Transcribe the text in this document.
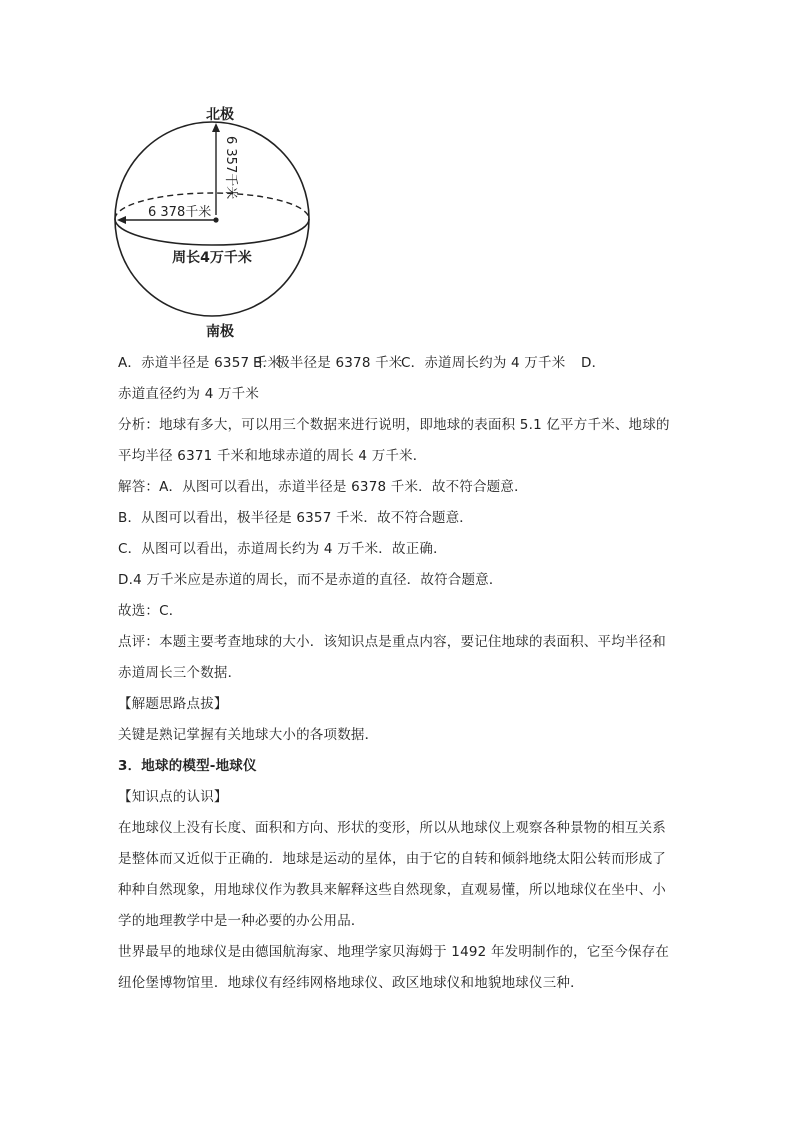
北极
6 357千米
6 378千米
周长4万千米
南极
A．赤道半径是 6357 千米B．极半径是 6378 千米C．赤道周长约为 4 万千米 D．
赤道直径约为 4 万千米
分析：地球有多大，可以用三个数据来进行说明，即地球的表面积 5.1 亿平方千米、地球的
平均半径 6371 千米和地球赤道的周长 4 万千米．
解答：A．从图可以看出，赤道半径是 6378 千米．故不符合题意．
B．从图可以看出，极半径是 6357 千米．故不符合题意．
C．从图可以看出，赤道周长约为 4 万千米．故正确．
D.4 万千米应是赤道的周长，而不是赤道的直径．故符合题意．
故选：C．
点评：本题主要考查地球的大小．该知识点是重点内容，要记住地球的表面积、平均半径和
赤道周长三个数据．
【解题思路点拔】
关键是熟记掌握有关地球大小的各项数据．
3．地球的模型-地球仪
【知识点的认识】
在地球仪上没有长度、面积和方向、形状的变形，所以从地球仪上观察各种景物的相互关系
是整体而又近似于正确的．地球是运动的星体，由于它的自转和倾斜地绕太阳公转而形成了
种种自然现象，用地球仪作为教具来解释这些自然现象，直观易懂，所以地球仪在坐中、小
学的地理教学中是一种必要的办公用品．
世界最早的地球仪是由德国航海家、地理学家贝海姆于 1492 年发明制作的，它至今保存在
纽伦堡博物馆里．地球仪有经纬网格地球仪、政区地球仪和地貌地球仪三种．
